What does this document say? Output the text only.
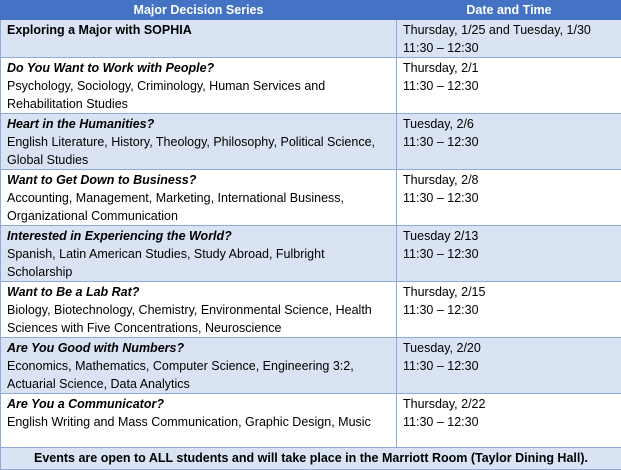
Major Decision Series	Date and Time

Exploring a Major with SOPHIA	Thursday, 1/25 and Tuesday, 1/30
11:30 – 12:30

Do You Want to Work with People?
Psychology, Sociology, Criminology, Human Services and Rehabilitation Studies	Thursday, 2/1
11:30 – 12:30

Heart in the Humanities?
English Literature, History, Theology, Philosophy, Political Science, Global Studies	Tuesday, 2/6
11:30 – 12:30

Want to Get Down to Business?
Accounting, Management, Marketing, International Business, Organizational Communication	Thursday, 2/8
11:30 – 12:30

Interested in Experiencing the World?
Spanish, Latin American Studies, Study Abroad, Fulbright Scholarship	Tuesday 2/13
11:30 – 12:30

Want to Be a Lab Rat?
Biology, Biotechnology, Chemistry, Environmental Science, Health Sciences with Five Concentrations, Neuroscience	Thursday, 2/15
11:30 – 12:30

Are You Good with Numbers?
Economics, Mathematics, Computer Science, Engineering 3:2, Actuarial Science, Data Analytics	Tuesday, 2/20
11:30 – 12:30

Are You a Communicator?
English Writing and Mass Communication, Graphic Design, Music	Thursday, 2/22
11:30 – 12:30

Events are open to ALL students and will take place in the Marriott Room (Taylor Dining Hall).	
